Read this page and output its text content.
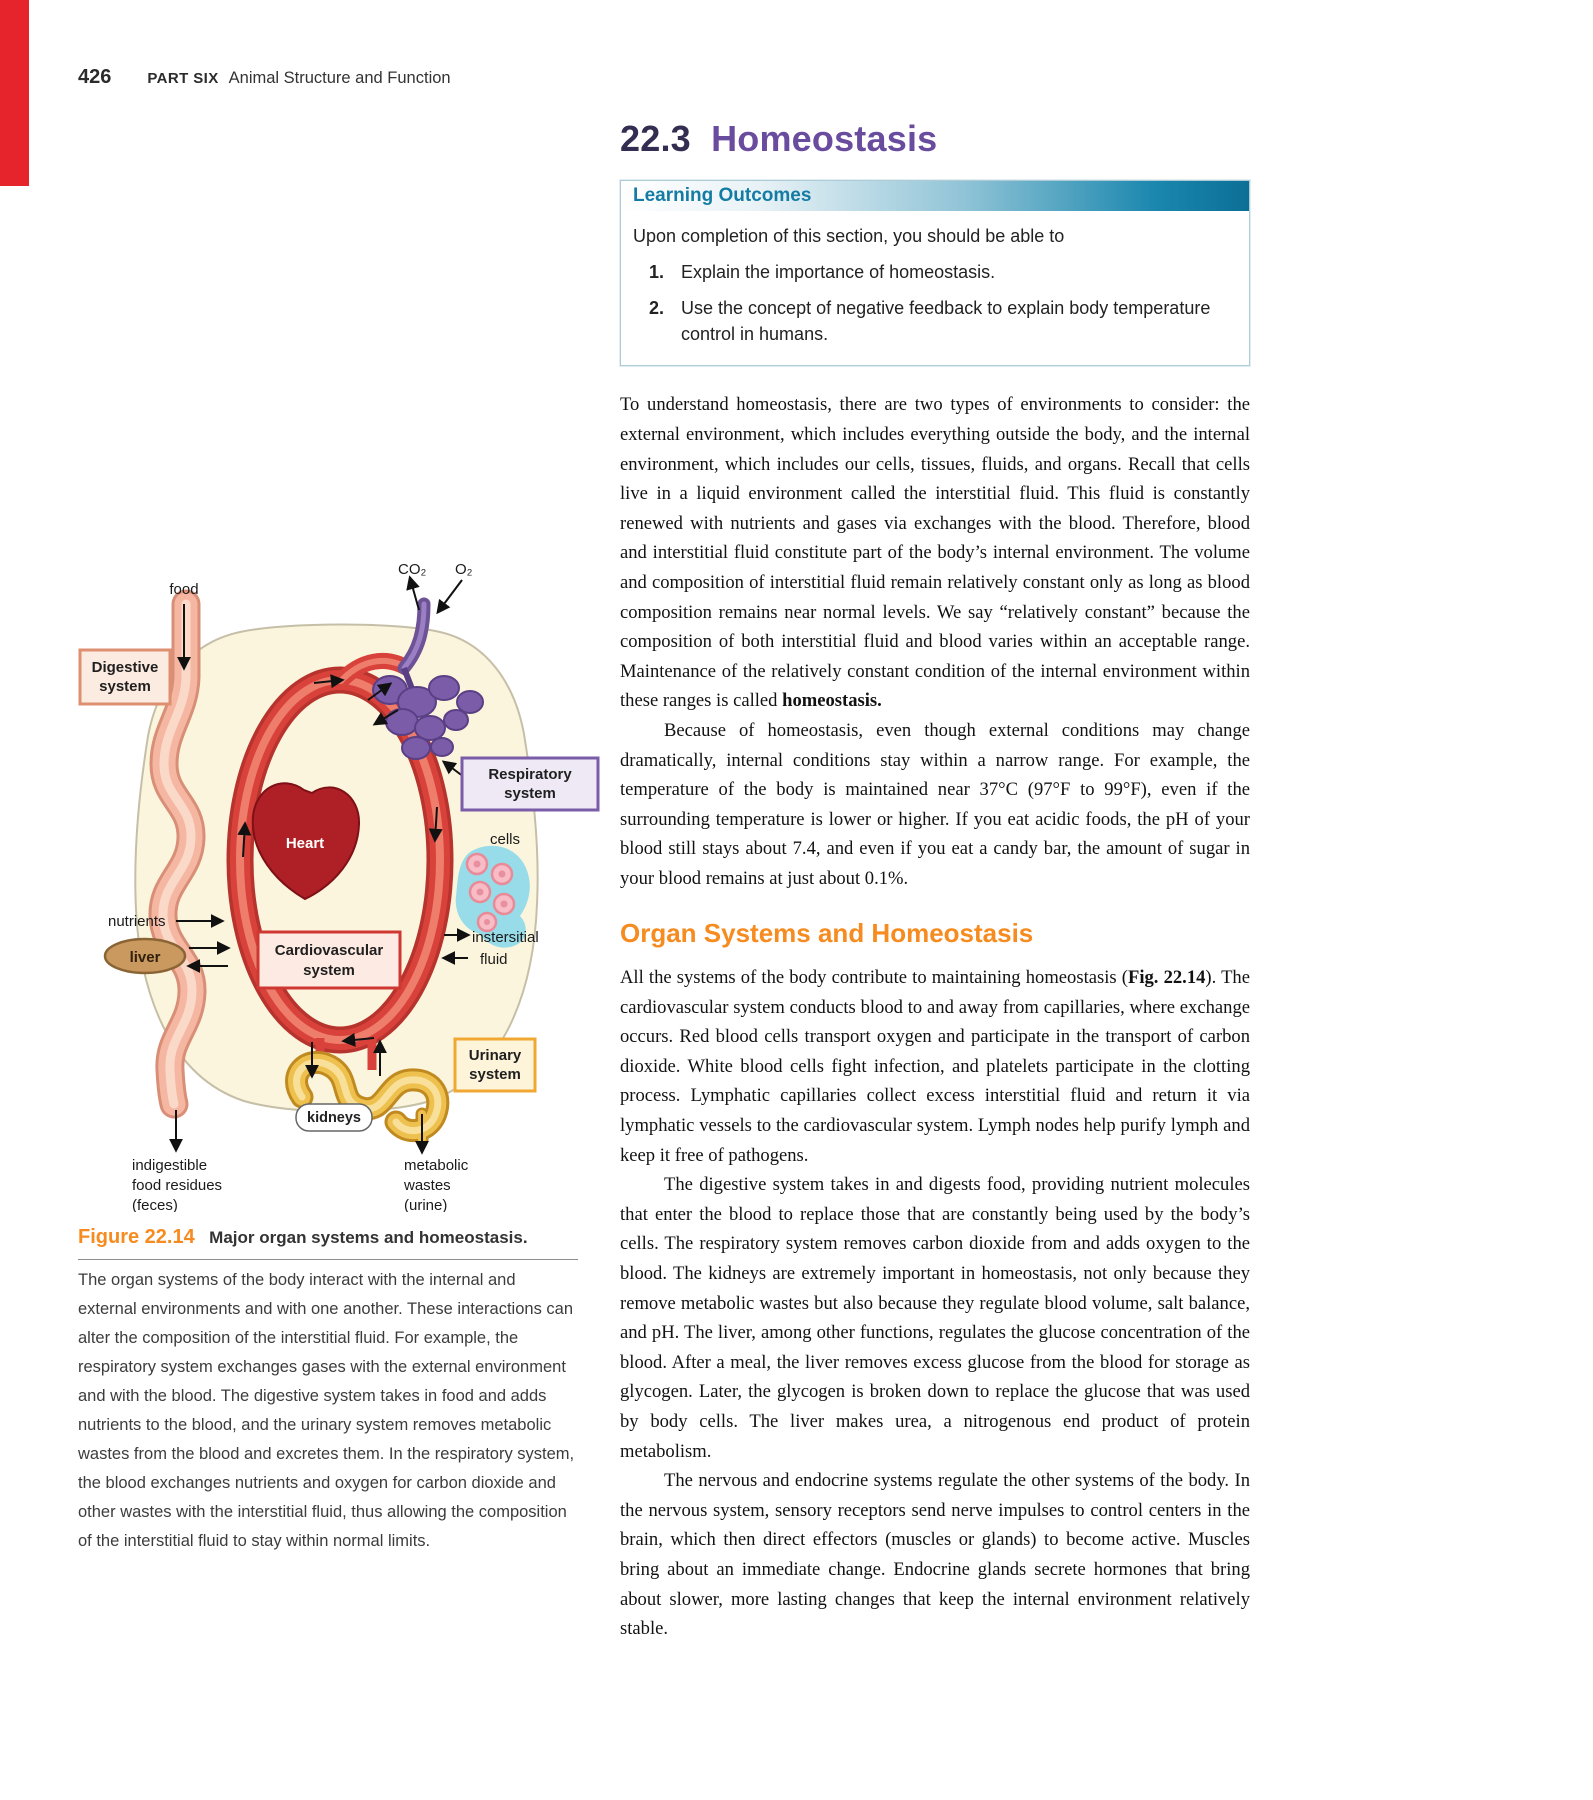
426 PART SIX Animal Structure and Function
22.3 Homeostasis
Learning Outcomes
Upon completion of this section, you should be able to
1. Explain the importance of homeostasis.
2. Use the concept of negative feedback to explain body temperature control in humans.

To understand homeostasis, there are two types of environments to consider: the external environment, which includes everything outside the body, and the internal environment, which includes our cells, tissues, fluids, and organs. Recall that cells live in a liquid environment called the interstitial fluid. This fluid is constantly renewed with nutrients and gases via exchanges with the blood. Therefore, blood and interstitial fluid constitute part of the body’s internal environment. The volume and composition of interstitial fluid remain relatively constant only as long as blood composition remains near normal levels. We say “relatively constant” because the composition of both interstitial fluid and blood varies within an acceptable range. Maintenance of the relatively constant condition of the internal environment within these ranges is called homeostasis.

Because of homeostasis, even though external conditions may change dramatically, internal conditions stay within a narrow range. For example, the temperature of the body is maintained near 37°C (97°F to 99°F), even if the surrounding temperature is lower or higher. If you eat acidic foods, the pH of your blood still stays about 7.4, and even if you eat a candy bar, the amount of sugar in your blood remains at just about 0.1%.

Organ Systems and Homeostasis

All the systems of the body contribute to maintaining homeostasis (Fig. 22.14). The cardiovascular system conducts blood to and away from capillaries, where exchange occurs. Red blood cells transport oxygen and participate in the transport of carbon dioxide. White blood cells fight infection, and platelets participate in the clotting process. Lymphatic capillaries collect excess interstitial fluid and return it via lymphatic vessels to the cardiovascular system. Lymph nodes help purify lymph and keep it free of pathogens.

The digestive system takes in and digests food, providing nutrient molecules that enter the blood to replace those that are constantly being used by the body’s cells. The respiratory system removes carbon dioxide from and adds oxygen to the blood. The kidneys are extremely important in homeostasis, not only because they remove metabolic wastes but also because they regulate blood volume, salt balance, and pH. The liver, among other functions, regulates the glucose concentration of the blood. After a meal, the liver removes excess glucose from the blood for storage as glycogen. Later, the glycogen is broken down to replace the glucose that was used by body cells. The liver makes urea, a nitrogenous end product of protein metabolism.

The nervous and endocrine systems regulate the other systems of the body. In the nervous system, sensory receptors send nerve impulses to control centers in the brain, which then direct effectors (muscles or glands) to become active. Muscles bring about an immediate change. Endocrine glands secrete hormones that bring about slower, more lasting changes that keep the internal environment relatively stable.

Heart
liver
Digestive
system
Respiratory
system
Cardiovascular
system
Urinary
system
kidneys
food
CO₂ O₂
cells
nutrients
instersitial
fluid
indigestible
food residues
(feces)
metabolic
wastes
(urine)
Figure 22.14 Major organ systems and homeostasis.
The organ systems of the body interact with the internal and external environments and with one another. These interactions can alter the composition of the interstitial fluid. For example, the respiratory system exchanges gases with the external environment and with the blood. The digestive system takes in food and adds nutrients to the blood, and the urinary system removes metabolic wastes from the blood and excretes them. In the respiratory system, the blood exchanges nutrients and oxygen for carbon dioxide and other wastes with the interstitial fluid, thus allowing the composition of the interstitial fluid to stay within normal limits.
